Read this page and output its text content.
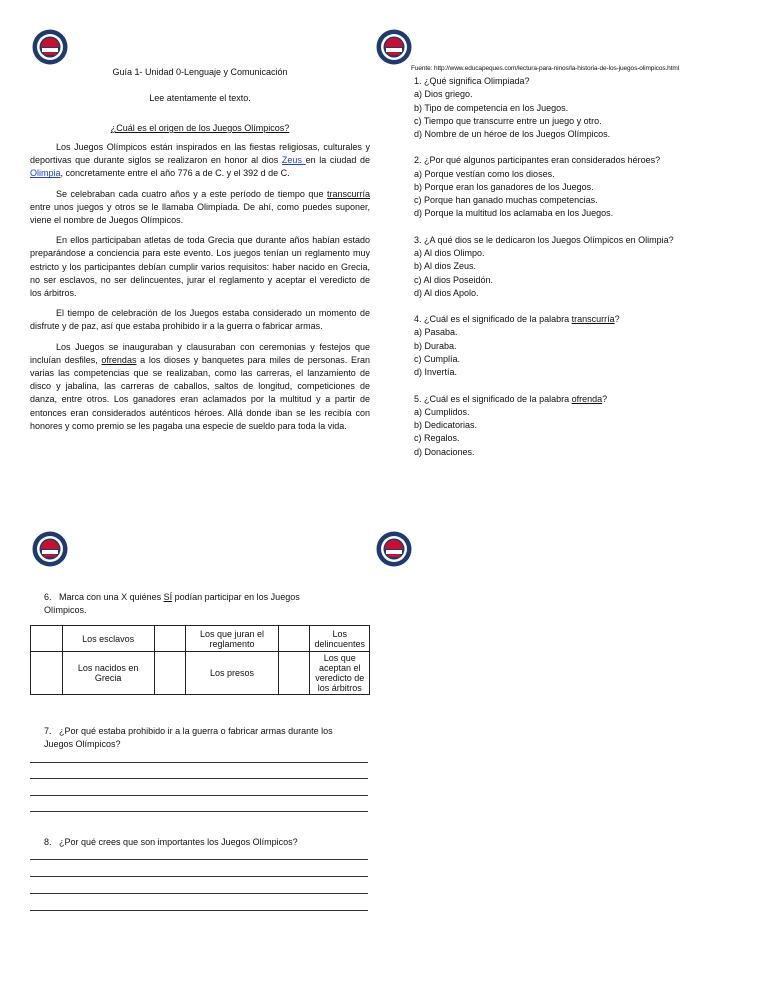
Guía 1- Unidad 0-Lenguaje y Comunicación
Lee atentamente el texto.
¿Cuál es el origen de los Juegos Olímpicos?

Los Juegos Olímpicos están inspirados en las fiestas religiosas, culturales y deportivas que durante siglos se realizaron en honor al dios Zeus en la ciudad de Olimpia, concretamente entre el año 776 a de C. y el 392 d de C.

Se celebraban cada cuatro años y a este período de tiempo que transcurría entre unos juegos y otros se le llamaba Olimpiada. De ahí, como puedes suponer, viene el nombre de Juegos Olímpicos.

En ellos participaban atletas de toda Grecia que durante años habían estado preparándose a conciencia para este evento. Los juegos tenían un reglamento muy estricto y los participantes debían cumplir varios requisitos: haber nacido en Grecia, no ser esclavos, no ser delincuentes, jurar el reglamento y aceptar el veredicto de los árbitros.

El tiempo de celebración de los Juegos estaba considerado un momento de disfrute y de paz, así que estaba prohibido ir a la guerra o fabricar armas.

Los Juegos se inauguraban y clausuraban con ceremonias y festejos que incluían desfiles, ofrendas a los dioses y banquetes para miles de personas. Eran varias las competencias que se realizaban, como las carreras, el lanzamiento de disco y jabalina, las carreras de caballos, saltos de longitud, competiciones de danza, entre otros. Los ganadores eran aclamados por la multitud y a partir de entonces eran considerados auténticos héroes. Allá donde iban se les recibía con honores y como premio se les pagaba una especie de sueldo para toda la vida.

Fuente: http://www.educapeques.com/lectura-para-ninos/la-historia-de-los-juegos-olimpicos.html
1. ¿Qué significa Olimpiada?
a) Dios griego.
b) Tipo de competencia en los Juegos.
c) Tiempo que transcurre entre un juego y otro.
d) Nombre de un héroe de los Juegos Olímpicos.
2. ¿Por qué algunos participantes eran considerados héroes?
a) Porque vestían como los dioses.
b) Porque eran los ganadores de los Juegos.
c) Porque han ganado muchas competencias.
d) Porque la multitud los aclamaba en los Juegos.
3. ¿A qué dios se le dedicaron los Juegos Olímpicos en Olimpia?
a) Al dios Olimpo.
b) Al dios Zeus.
c) Al dios Poseidón.
d) Al dios Apolo.
4. ¿Cuál es el significado de la palabra transcurría?
a) Pasaba.
b) Duraba.
c) Cumplía.
d) Invertía.
5. ¿Cuál es el significado de la palabra ofrenda?
a) Cumplidos.
b) Dedicatorias.
c) Regalos.
d) Donaciones.
6. Marca con una X quiénes SÍ podían participar en los Juegos Olímpicos.
	Los esclavos		Los que juran el reglamento		Los delincuentes
	Los nacidos en Grecia		Los presos		Los que aceptan el veredicto de los árbitros
7. ¿Por qué estaba prohibido ir a la guerra o fabricar armas durante los Juegos Olímpicos?
8. ¿Por qué crees que son importantes los Juegos Olímpicos?
